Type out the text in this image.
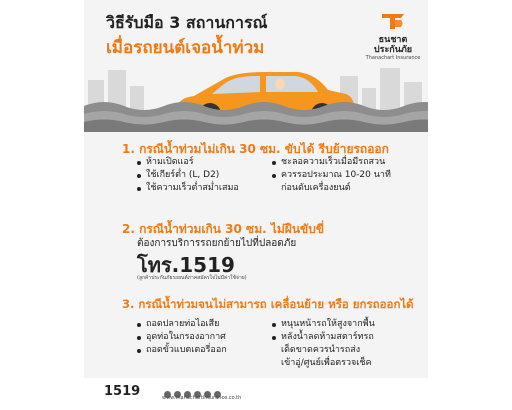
วิธีรับมือ 3 สถานการณ์
เมื่อรถยนต์เจอน้ำท่วม	ธนชาต
ประกันภัย
Thanachart Insurance
1. กรณีน้ำท่วมไม่เกิน 30 ซม. ขับได้ รีบย้ายรถออก
ห้ามเปิดแอร์
ใช้เกียร์ต่ำ (L, D2)
ใช้ความเร็วต่ำสม่ำเสมอ
ชะลอความเร็วเมื่อมีรถสวน
ควรรอประมาณ 10-20 นาที
ก่อนดับเครื่องยนต์
2. กรณีน้ำท่วมเกิน 30 ซม. ไม่ฝืนขับขี่
ต้องการบริการรถยกย้ายไปที่ปลอดภัย
โทร.1519
(ลูกค้าประกันภัยรถยนต์ภาคสมัครใจไม่มีค่าใช้จ่าย)
3. กรณีน้ำท่วมจนไม่สามารถ เคลื่อนย้าย หรือ ยกรถออกได้
ถอดปลายท่อไอเสีย
อุดท่อในกรองอากาศ
ถอดขั้วแบตเตอรี่ออก
หนุนหน้ารถให้สูงจากพื้น
หลังน้ำลดห้ามสตาร์ทรถ
เด็ดขาดควรนำรถส่ง
เข้าอู่/ศูนย์เพื่อตรวจเช็ค
1519	www.thanachartinsurance.co.th
